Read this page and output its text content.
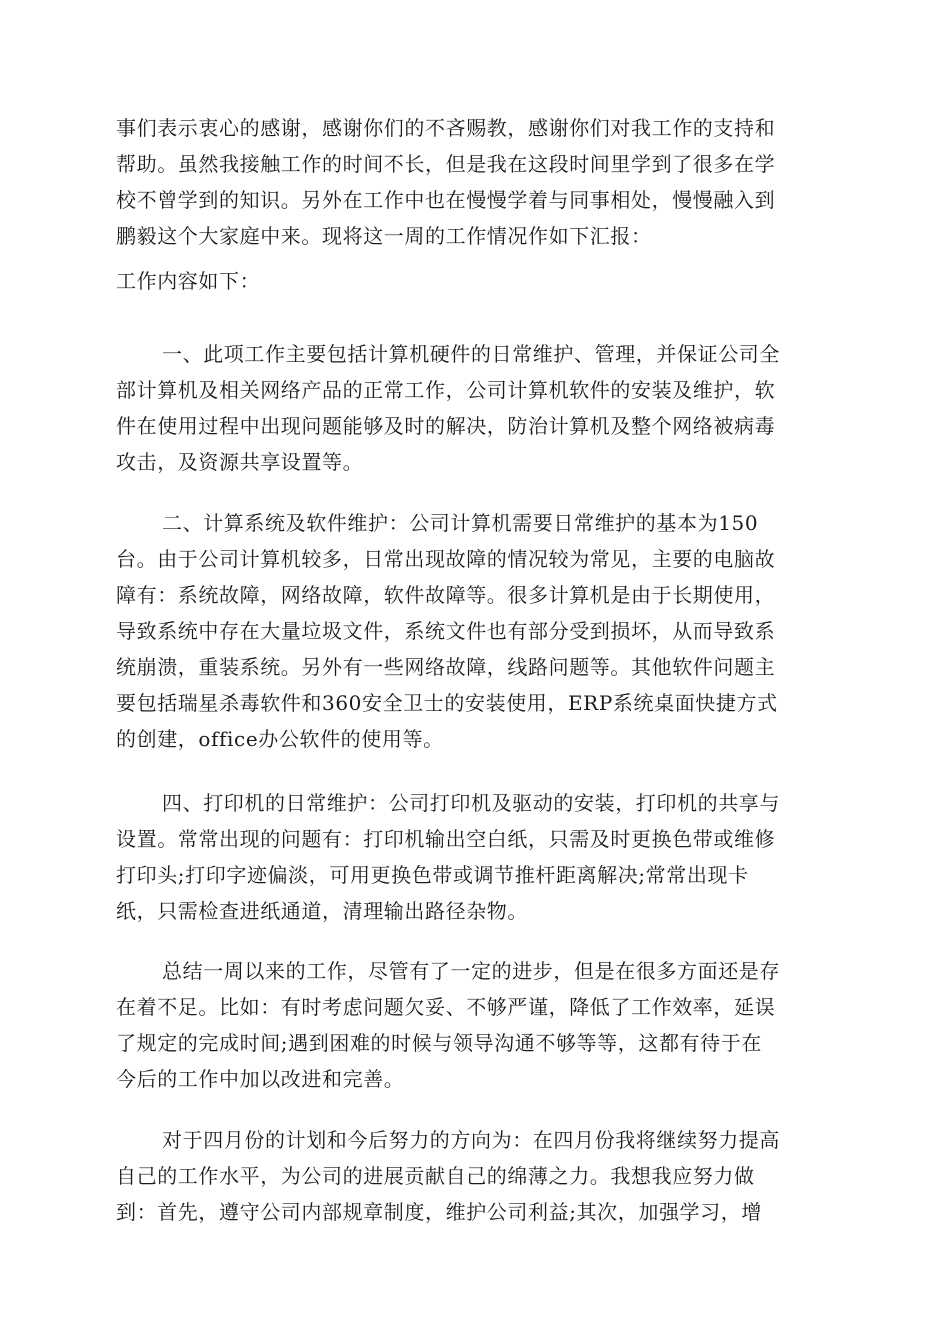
事们表示衷心的感谢，感谢你们的不吝赐教，感谢你们对我工作的支持和
帮助。虽然我接触工作的时间不长，但是我在这段时间里学到了很多在学
校不曾学到的知识。另外在工作中也在慢慢学着与同事相处，慢慢融入到
鹏毅这个大家庭中来。现将这一周的工作情况作如下汇报：
工作内容如下：
一、此项工作主要包括计算机硬件的日常维护、管理，并保证公司全
部计算机及相关网络产品的正常工作，公司计算机软件的安装及维护，软
件在使用过程中出现问题能够及时的解决，防治计算机及整个网络被病毒
攻击，及资源共享设置等。
二、计算系统及软件维护：公司计算机需要日常维护的基本为150
台。由于公司计算机较多，日常出现故障的情况较为常见，主要的电脑故
障有：系统故障，网络故障，软件故障等。很多计算机是由于长期使用，
导致系统中存在大量垃圾文件，系统文件也有部分受到损坏，从而导致系
统崩溃，重装系统。另外有一些网络故障，线路问题等。其他软件问题主
要包括瑞星杀毒软件和360安全卫士的安装使用，ERP系统桌面快捷方式
的创建，office办公软件的使用等。
四、打印机的日常维护：公司打印机及驱动的安装，打印机的共享与
设置。常常出现的问题有：打印机输出空白纸，只需及时更换色带或维修
打印头;打印字迹偏淡，可用更换色带或调节推杆距离解决;常常出现卡
纸，只需检查进纸通道，清理输出路径杂物。
总结一周以来的工作，尽管有了一定的进步，但是在很多方面还是存
在着不足。比如：有时考虑问题欠妥、不够严谨，降低了工作效率，延误
了规定的完成时间;遇到困难的时候与领导沟通不够等等，这都有待于在
今后的工作中加以改进和完善。
对于四月份的计划和今后努力的方向为：在四月份我将继续努力提高
自己的工作水平，为公司的进展贡献自己的绵薄之力。我想我应努力做
到：首先，遵守公司内部规章制度，维护公司利益;其次，加强学习，增
